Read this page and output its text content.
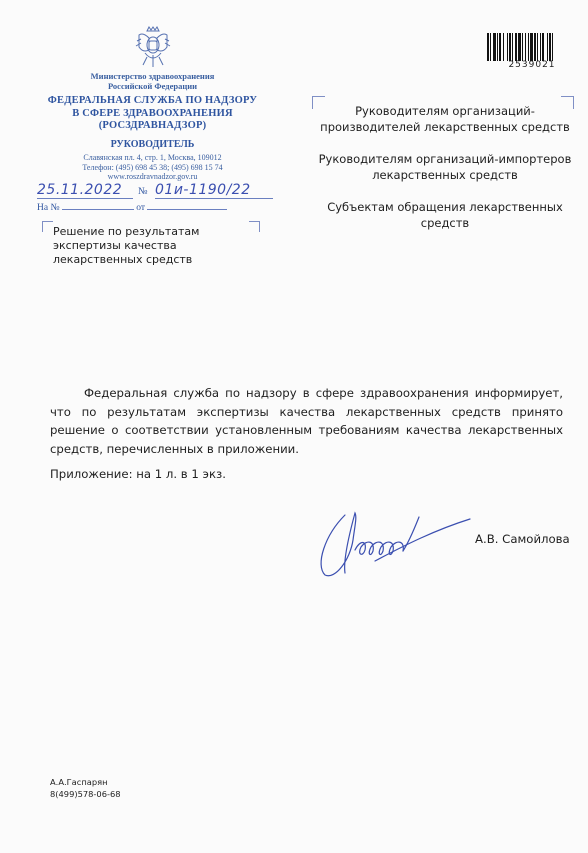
Министерство здравоохранения
Российской Федерации
ФЕДЕРАЛЬНАЯ СЛУЖБА ПО НАДЗОРУ
В СФЕРЕ ЗДРАВООХРАНЕНИЯ
(РОСЗДРАВНАДЗОР)
РУКОВОДИТЕЛЬ
Славянская пл. 4, стр. 1, Москва, 109012
Телефон: (495) 698 45 38; (495) 698 15 74
www.roszdravnadzor.gov.ru
25.11.2022	№ 01и-1190/22
На №	от
Решение по результатам экспертизы качества лекарственных средств

Руководителям организаций-производителей лекарственных средств

Руководителям организаций-импортеров лекарственных средств

Субъектам обращения лекарственных средств

2539021

Федеральная служба по надзору в сфере здравоохранения информирует, что по результатам экспертизы качества лекарственных средств принято решение о соответствии установленным требованиям качества лекарственных средств, перечисленных в приложении.

Приложение: на 1 л. в 1 экз.
А.В. Самойлова
А.А.Гаспарян
8(499)578-06-68
